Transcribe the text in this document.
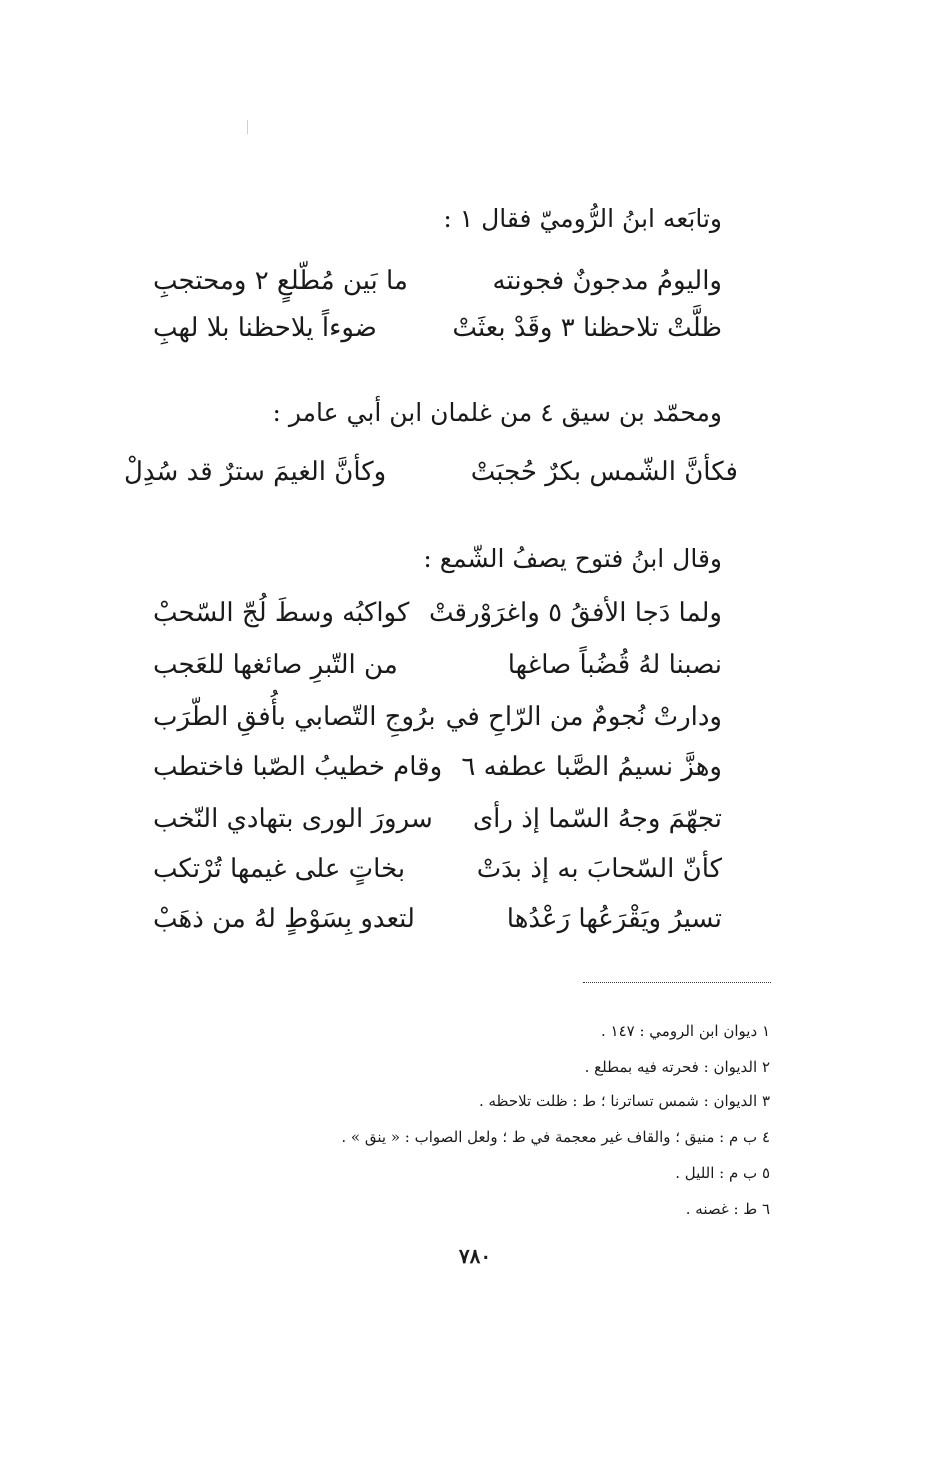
وتابَعه ابنُ الرُّوميّ فقال ١ :
واليومُ مدجونٌ فجونته
ما بَين مُطّلعٍ ٢ ومحتجبِ
ظلَّتْ تلاحظنا ٣ وقَدْ بعثَتْ
ضوءاً يلاحظنا بلا لهبِ
ومحمّد بن سيق ٤ من غلمان ابن أبي عامر :
فكأنَّ الشّمس بكرٌ حُجبَتْ
وكأنَّ الغيمَ سترٌ قد سُدِلْ
وقال ابنُ فتوح يصفُ الشّمع :
ولما دَجا الأفقُ ٥ واغرَوْرقتْ
كواكبُه وسطَ لُجّ السّحبْ
نصبنا لهُ قُضُباً صاغها
من التّبرِ صائغها للعَجب
ودارتْ نُجومٌ من الرّاحِ في
برُوجِ التّصابي بأُفقِ الطّرَب
وهزَّ نسيمُ الصَّبا عطفه ٦
وقام خطيبُ الصّبا فاختطب
تجهّمَ وجهُ السّما إذ رأى
سرورَ الورى بتهادي النّخب
كأنّ السّحابَ به إذ بدَتْ
بخاتٍ على غيمها تُرْتكب
تسيرُ ويَقْرَعُها رَعْدُها
لتعدو بِسَوْطٍ لهُ من ذهَبْ
١ ديوان ابن الرومي : ١٤٧ .
٢ الديوان : فحرته فيه بمطلع .
٣ الديوان : شمس تساترنا ؛ ط : ظلت تلاحظه .
٤ ب م : منيق ؛ والقاف غير معجمة في ط ؛ ولعل الصواب : « ينق » .
٥ ب م : الليل .
٦ ط : غصنه .
٧٨٠
